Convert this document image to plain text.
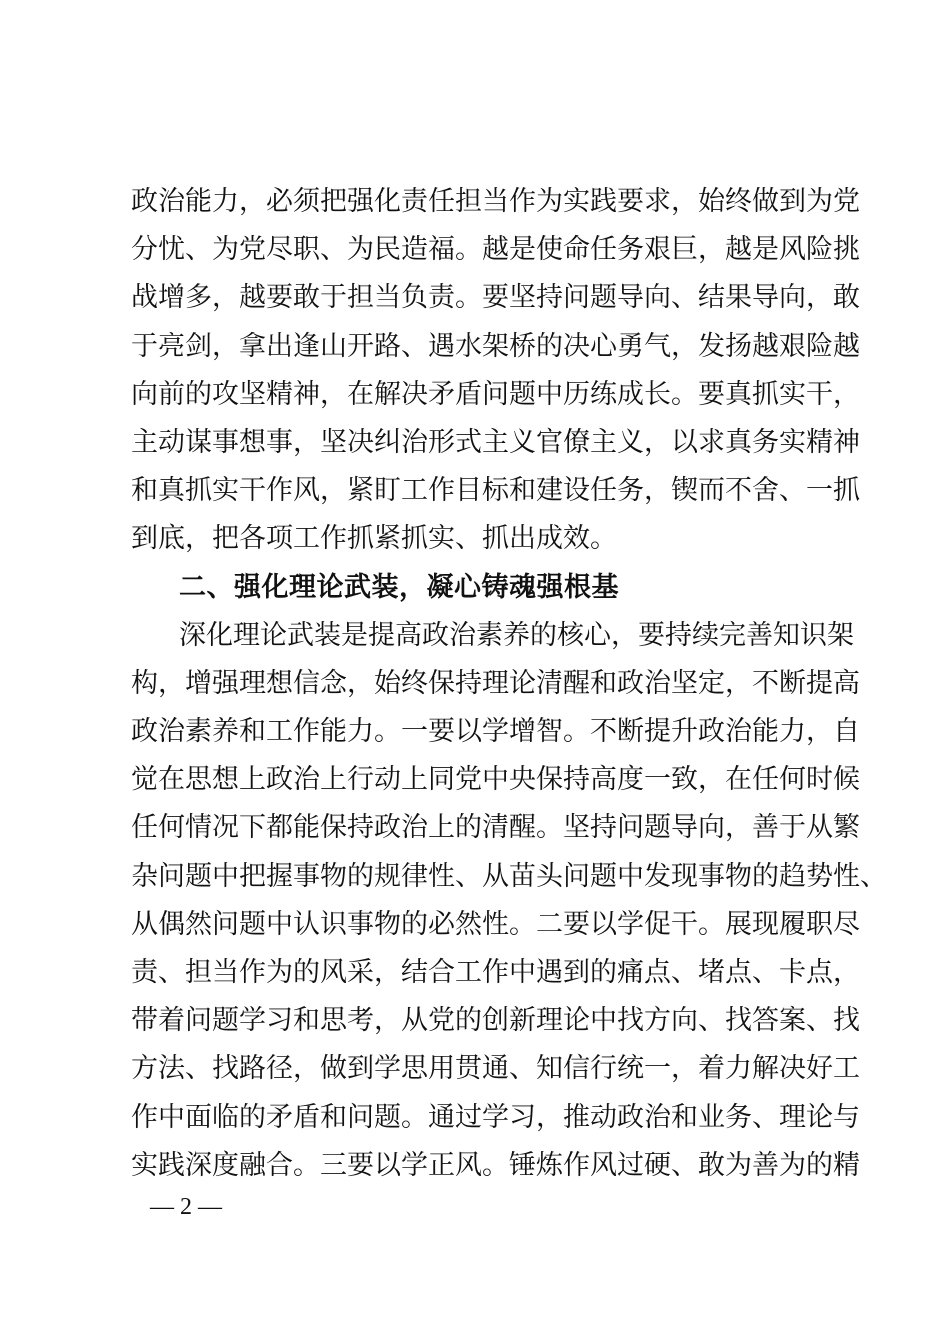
政治能力，必须把强化责任担当作为实践要求，始终做到为党
分忧、为党尽职、为民造福。越是使命任务艰巨，越是风险挑
战增多，越要敢于担当负责。要坚持问题导向、结果导向，敢
于亮剑，拿出逢山开路、遇水架桥的决心勇气，发扬越艰险越
向前的攻坚精神，在解决矛盾问题中历练成长。要真抓实干，
主动谋事想事，坚决纠治形式主义官僚主义，以求真务实精神
和真抓实干作风，紧盯工作目标和建设任务，锲而不舍、一抓
到底，把各项工作抓紧抓实、抓出成效。
二、强化理论武装，凝心铸魂强根基
深化理论武装是提高政治素养的核心，要持续完善知识架
构，增强理想信念，始终保持理论清醒和政治坚定，不断提高
政治素养和工作能力。一要以学增智。不断提升政治能力，自
觉在思想上政治上行动上同党中央保持高度一致，在任何时候
任何情况下都能保持政治上的清醒。坚持问题导向，善于从繁
杂问题中把握事物的规律性、从苗头问题中发现事物的趋势性、
从偶然问题中认识事物的必然性。二要以学促干。展现履职尽
责、担当作为的风采，结合工作中遇到的痛点、堵点、卡点，
带着问题学习和思考，从党的创新理论中找方向、找答案、找
方法、找路径，做到学思用贯通、知信行统一，着力解决好工
作中面临的矛盾和问题。通过学习，推动政治和业务、理论与
实践深度融合。三要以学正风。锤炼作风过硬、敢为善为的精
— 2 —
